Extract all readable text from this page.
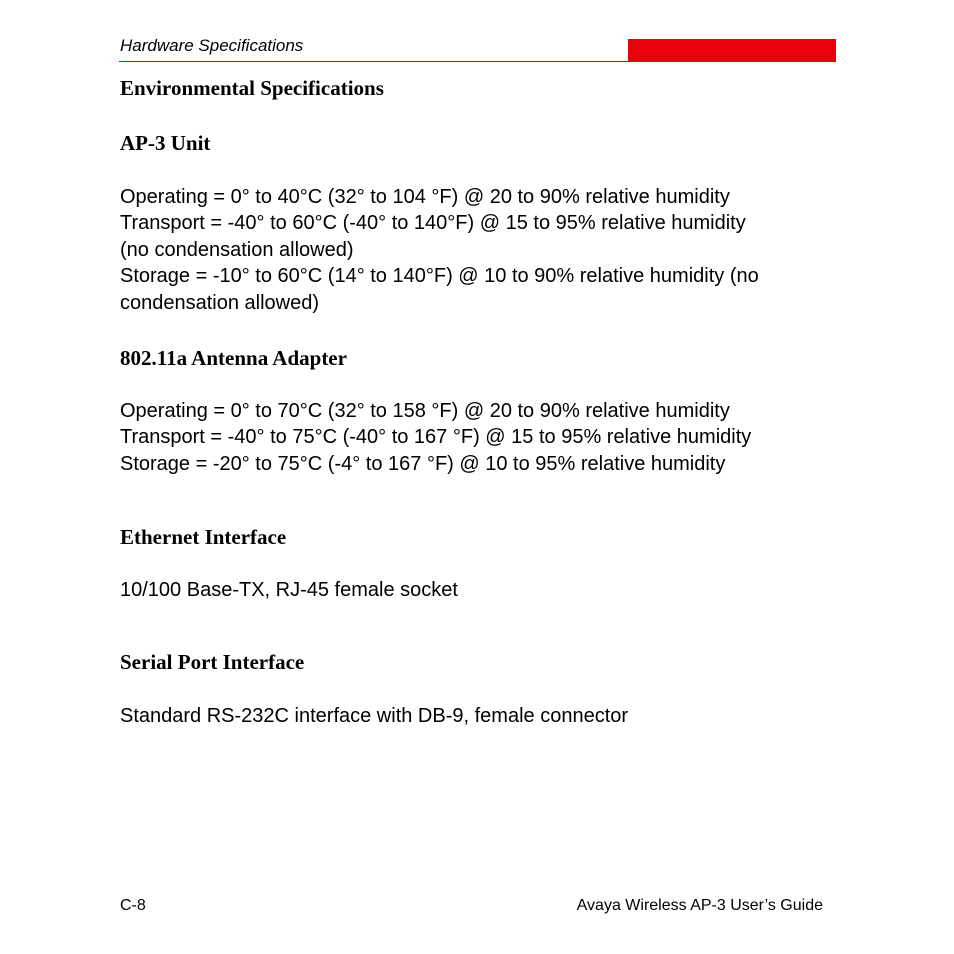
Hardware Specifications
Environmental Specifications
AP-3 Unit
Operating = 0° to 40°C (32° to 104 °F) @ 20 to 90% relative humidity
Transport = -40° to 60°C (-40° to 140°F) @ 15 to 95% relative humidity
(no condensation allowed)
Storage = -10° to 60°C (14° to 140°F) @ 10 to 90% relative humidity (no
condensation allowed)
802.11a Antenna Adapter
Operating = 0° to 70°C (32° to 158 °F) @ 20 to 90% relative humidity
Transport = -40° to 75°C (-40° to 167 °F) @ 15 to 95% relative humidity
Storage = -20° to 75°C (-4° to 167 °F) @ 10 to 95% relative humidity
Ethernet Interface

10/100 Base-TX, RJ-45 female socket

Serial Port Interface

Standard RS-232C interface with DB-9, female connector

C-8	Avaya Wireless AP-3 User’s Guide
